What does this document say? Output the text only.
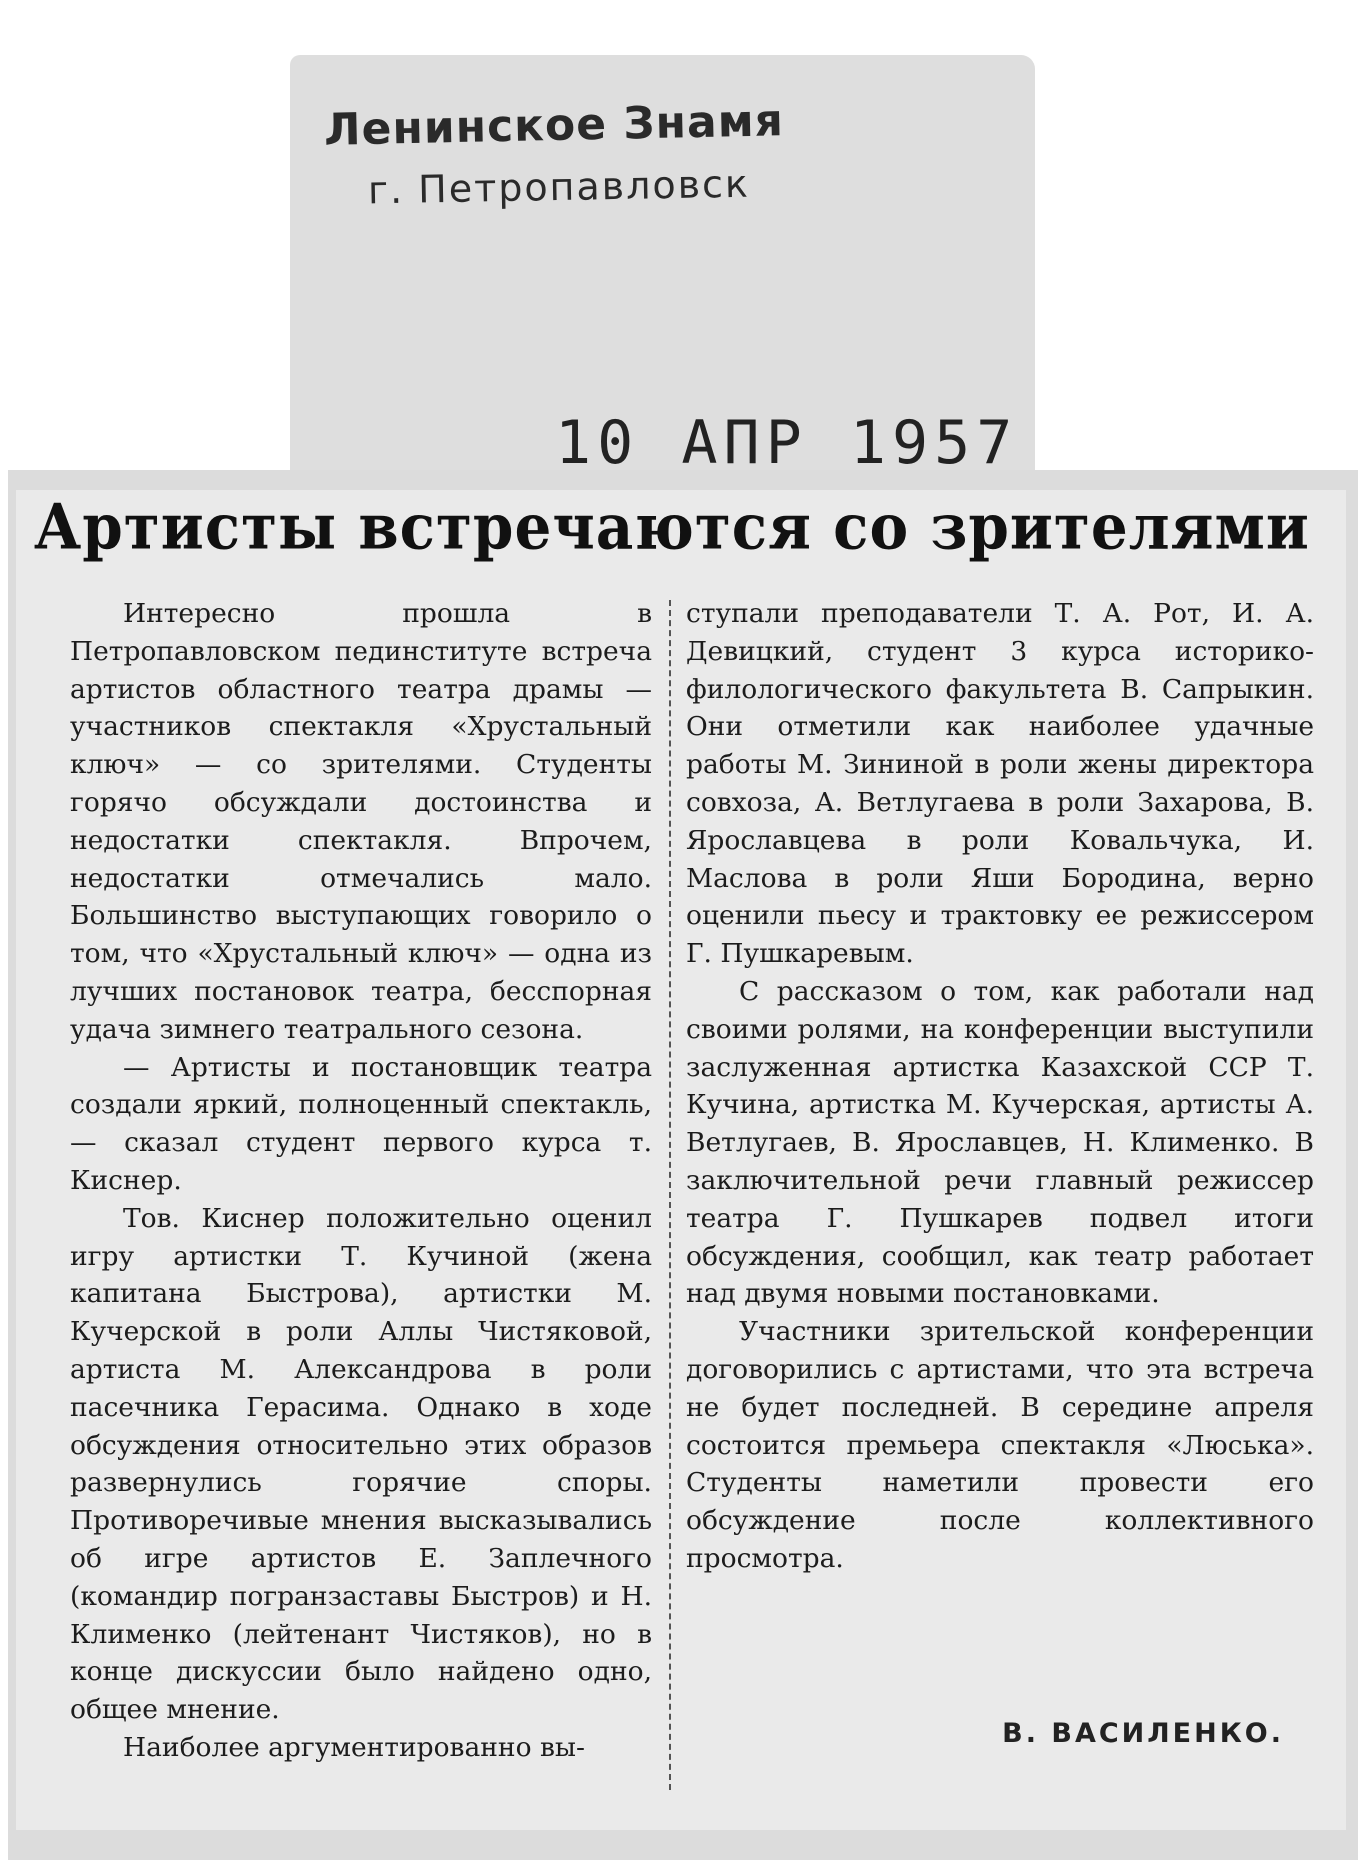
Ленинское Знамя

г. Петропавловск

10 АПР 1957

Артисты встречаются со зрителями

Интересно прошла в Петропавловском пединституте встреча артистов областного театра драмы — участников спектакля «Хрустальный ключ» — со зрителями. Студенты горячо обсуждали достоинства и недостатки спектакля. Впрочем, недостатки отмечались мало. Большинство выступающих говорило о том, что «Хрустальный ключ» — одна из лучших постановок театра, бесспорная удача зимнего театрального сезона.

— Артисты и постановщик театра создали яркий, полноценный спектакль, — сказал студент первого курса т. Киснер.

Тов. Киснер положительно оценил игру артистки Т. Кучиной (жена капитана Быстрова), артистки М. Кучерской в роли Аллы Чистяковой, артиста М. Александрова в роли пасечника Герасима. Однако в ходе обсуждения относительно этих образов развернулись горячие споры. Противоречивые мнения высказывались об игре артистов Е. Заплечного (командир погранзаставы Быстров) и Н. Клименко (лейтенант Чистяков), но в конце дискуссии было найдено одно, общее мнение.

Наиболее аргументированно вы-

ступали преподаватели Т. А. Рот, И. А. Девицкий, студент 3 курса историко-филологического факультета В. Сапрыкин. Они отметили как наиболее удачные работы М. Зининой в роли жены директора совхоза, А. Ветлугаева в роли Захарова, В. Ярославцева в роли Ковальчука, И. Маслова в роли Яши Бородина, верно оценили пьесу и трактовку ее режиссером Г. Пушкаревым.

С рассказом о том, как работали над своими ролями, на конференции выступили заслуженная артистка Казахской ССР Т. Кучина, артистка М. Кучерская, артисты А. Ветлугаев, В. Ярославцев, Н. Клименко. В заключительной речи главный режиссер театра Г. Пушкарев подвел итоги обсуждения, сообщил, как театр работает над двумя новыми постановками.

Участники зрительской конференции договорились с артистами, что эта встреча не будет последней. В середине апреля состоится премьера спектакля «Люська». Студенты наметили провести его обсуждение после коллективного просмотра.

В. ВАСИЛЕНКО.
